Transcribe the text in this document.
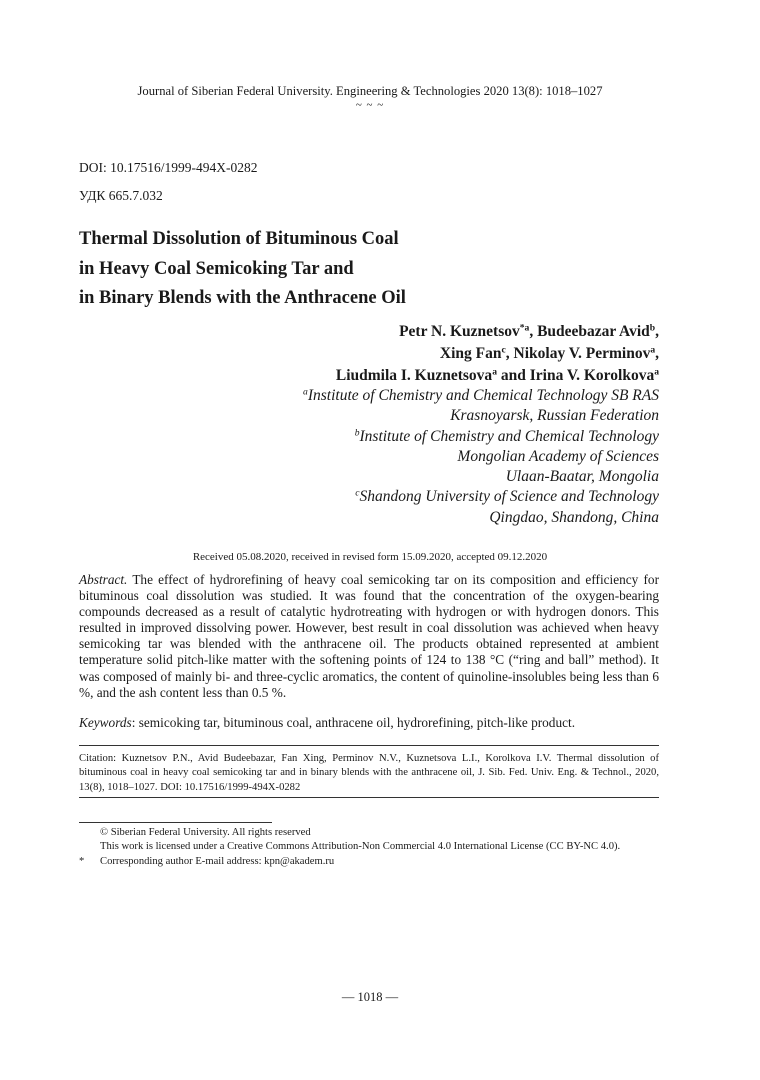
Journal of Siberian Federal University. Engineering & Technologies 2020 13(8): 1018–1027
~ ~ ~
DOI: 10.17516/1999-494X-0282
УДК 665.7.032
Thermal Dissolution of Bituminous Coal
in Heavy Coal Semicoking Tar and
in Binary Blends with the Anthracene Oil
Petr N. Kuznetsov$^{*a}$, Budeebazar Avid$^b$,
Xing Fan$^c$, Nikolay V. Perminov$^a$,
Liudmila I. Kuznetsova$^a$ and Irina V. Korolkova$^a$
$^a$Institute of Chemistry and Chemical Technology SB RAS
Krasnoyarsk, Russian Federation
$^b$Institute of Chemistry and Chemical Technology
Mongolian Academy of Sciences
Ulaan-Baatar, Mongolia
$^c$Shandong University of Science and Technology
Qingdao, Shandong, China
Received 05.08.2020, received in revised form 15.09.2020, accepted 09.12.2020
Abstract. The effect of hydrorefining of heavy coal semicoking tar on its composition and efficiency for bituminous coal dissolution was studied. It was found that the concentration of the oxygen-bearing compounds decreased as a result of catalytic hydrotreating with hydrogen or with hydrogen donors. This resulted in improved dissolving power. However, best result in coal dissolution was achieved when heavy semicoking tar was blended with the anthracene oil. The products obtained represented at ambient temperature solid pitch-like matter with the softening points of 124 to 138 °C (“ring and ball” method). It was composed of mainly bi- and three-cyclic aromatics, the content of quinoline-insolubles being less than 6 %, and the ash content less than 0.5 %.
Keywords: semicoking tar, bituminous coal, anthracene oil, hydrorefining, pitch-like product.
Citation: Kuznetsov P.N., Avid Budeebazar, Fan Xing, Perminov N.V., Kuznetsova L.I., Korolkova I.V. Thermal dissolution of bituminous coal in heavy coal semicoking tar and in binary blends with the anthracene oil, J. Sib. Fed. Univ. Eng. & Technol., 2020, 13(8), 1018–1027. DOI: 10.17516/1999-494X-0282
© Siberian Federal University. All rights reserved
This work is licensed under a Creative Commons Attribution-Non Commercial 4.0 International License (CC BY-NC 4.0).
* Corresponding author E-mail address: kpn@akadem.ru
— 1018 —
